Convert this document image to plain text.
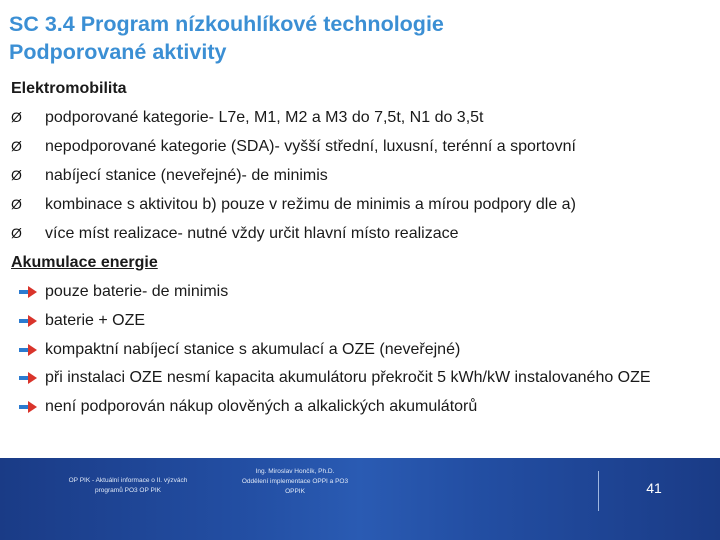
SC 3.4 Program nízkouhlíkové technologie
Podporované aktivity
Elektromobilita
Ø	podporované kategorie- L7e, M1, M2 a M3 do 7,5t, N1 do 3,5t
Ø	nepodporované kategorie (SDA)- vyšší střední, luxusní, terénní a sportovní
Ø	nabíjecí stanice (neveřejné)- de minimis
Ø	kombinace s aktivitou b) pouze v režimu de minimis a mírou podpory dle a)
Ø	více míst realizace- nutné vždy určit hlavní místo realizace
Akumulace energie
pouze baterie- de minimis
baterie + OZE
kompaktní nabíjecí stanice s akumulací a OZE (neveřejné)
při instalaci OZE nesmí kapacita akumulátoru překročit 5 kWh/kW instalovaného OZE
není podporován nákup olověných a alkalických akumulátorů
OP PIK - Aktuální informace o II. výzvách
programů PO3 OP PIK
Ing. Miroslav Hončík, Ph.D.
Oddělení implementace OPPI a PO3
OPPIK	41
